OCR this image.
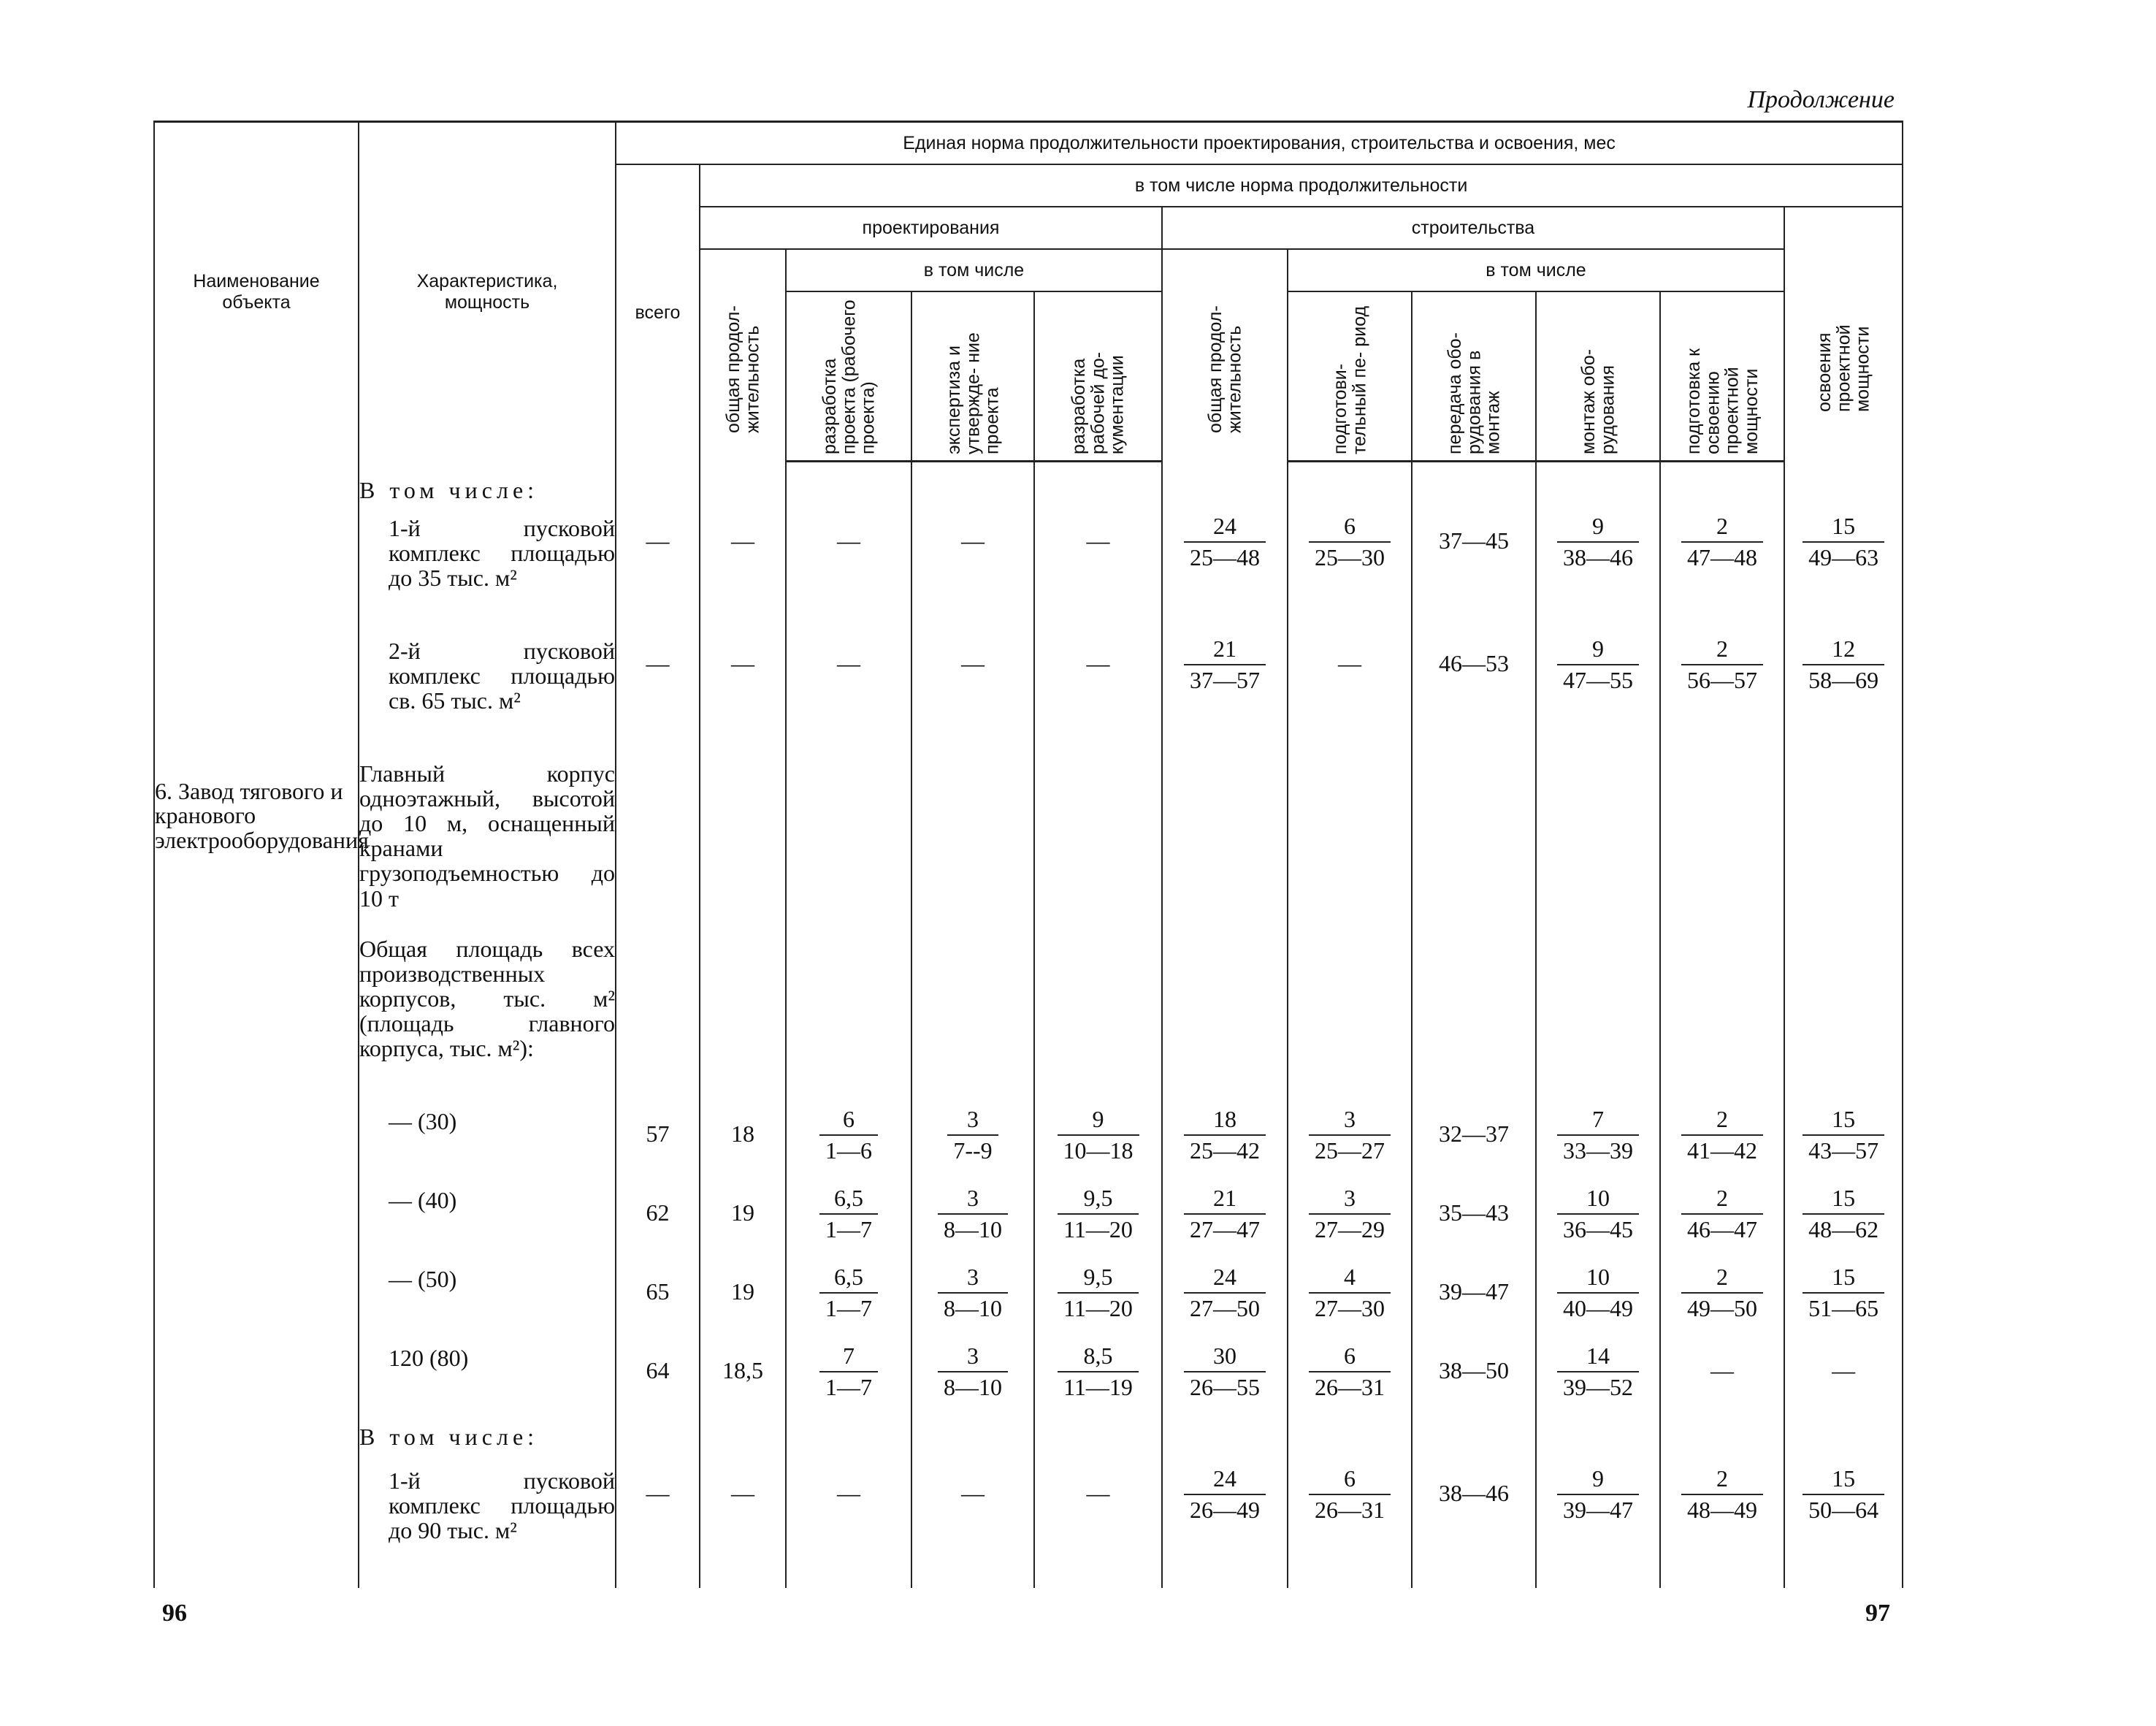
Продолжение
Наименование объекта	Характеристика, мощность	Единая норма продолжительности проектирования, строительства и освоения, мес										
		всего	в том числе норма продолжительности									
			проектирования				строительства					освоения проектной мощности
			общая продол- жительность	в том числе			общая продол- жительность	в том числе				
				разработка проекта (рабочего проекта)	экспертиза и утвержде- ние проекта	разработка рабочей до- кументации		подготови- тельный пе- риод	передача обо- рудования в монтаж	монтаж обо- рудования	подготовка к освоению проектной мощности	

6. Завод тягового и кранового электрооборудования	В том числе:											

	1-й пусковой комплекс площадью до 35 тыс. м²	—	—	—	—	—	$\frac{24}{25—48}$	$\frac{6}{25—30}$	37—45	$\frac{9}{38—46}$	$\frac{2}{47—48}$	$\frac{15}{49—63}$

	2-й пусковой комплекс площадью св. 65 тыс. м²	—	—	—	—	—	$\frac{21}{37—57}$	—	46—53	$\frac{9}{47—55}$	$\frac{2}{56—57}$	$\frac{12}{58—69}$

	Главный корпус одноэтажный, высотой до 10 м, оснащенный кранами грузоподъемностью до 10 т											

	Общая площадь всех производственных корпусов, тыс. м² (площадь главного корпуса, тыс. м²):											

	— (30)	57	18	$\frac{6}{1—6}$	$\frac{3}{7--9}$	$\frac{9}{10—18}$	$\frac{18}{25—42}$	$\frac{3}{25—27}$	32—37	$\frac{7}{33—39}$	$\frac{2}{41—42}$	$\frac{15}{43—57}$

	— (40)	62	19	$\frac{6,5}{1—7}$	$\frac{3}{8—10}$	$\frac{9,5}{11—20}$	$\frac{21}{27—47}$	$\frac{3}{27—29}$	35—43	$\frac{10}{36—45}$	$\frac{2}{46—47}$	$\frac{15}{48—62}$

	— (50)	65	19	$\frac{6,5}{1—7}$	$\frac{3}{8—10}$	$\frac{9,5}{11—20}$	$\frac{24}{27—50}$	$\frac{4}{27—30}$	39—47	$\frac{10}{40—49}$	$\frac{2}{49—50}$	$\frac{15}{51—65}$

	120 (80)	64	18,5	$\frac{7}{1—7}$	$\frac{3}{8—10}$	$\frac{8,5}{11—19}$	$\frac{30}{26—55}$	$\frac{6}{26—31}$	38—50	$\frac{14}{39—52}$	—	—

	В том числе:											

	1-й пусковой комплекс площадью до 90 тыс. м²	—	—	—	—	—	$\frac{24}{26—49}$	$\frac{6}{26—31}$	38—46	$\frac{9}{39—47}$	$\frac{2}{48—49}$	$\frac{15}{50—64}$
96	97
